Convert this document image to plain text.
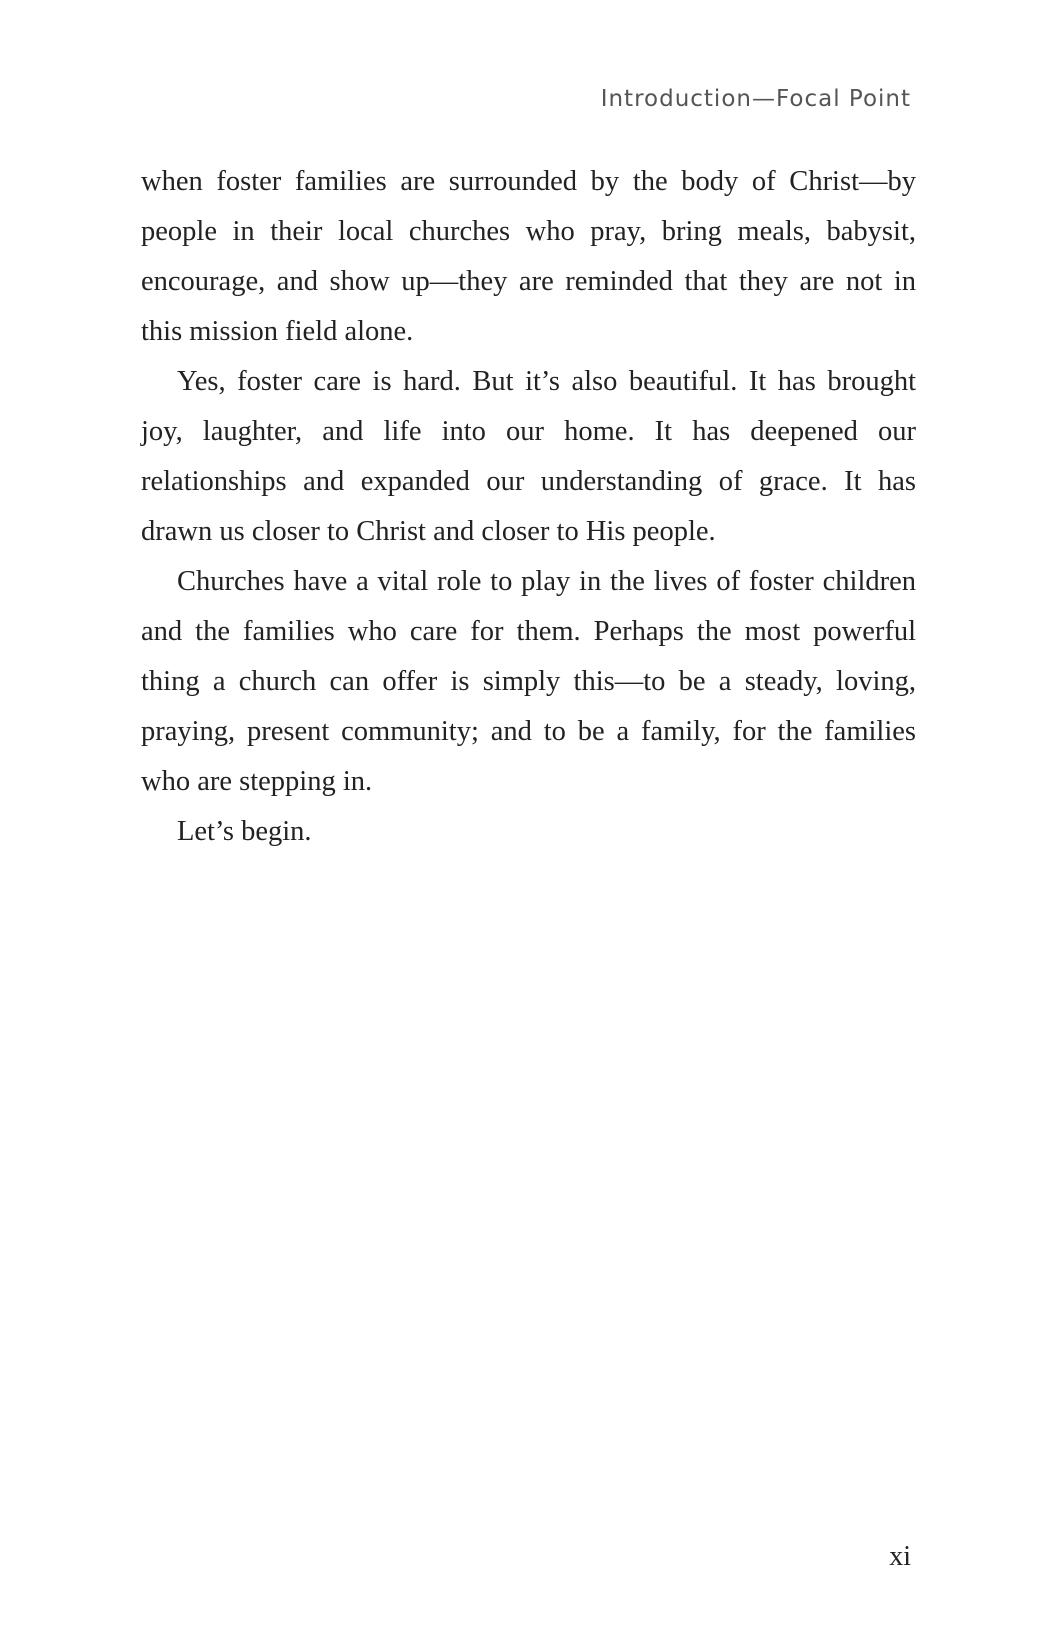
Introduction—Focal Point

when foster families are surrounded by the body of Christ—by people in their local churches who pray, bring meals, babysit, encourage, and show up—they are reminded that they are not in this mission field alone.

Yes, foster care is hard. But it’s also beautiful. It has brought joy, laughter, and life into our home. It has deepened our relationships and expanded our understanding of grace. It has drawn us closer to Christ and closer to His people.

Churches have a vital role to play in the lives of foster children and the families who care for them. Perhaps the most powerful thing a church can offer is simply this—to be a steady, loving, praying, present community; and to be a family, for the families who are stepping in.

Let’s begin.

xi
